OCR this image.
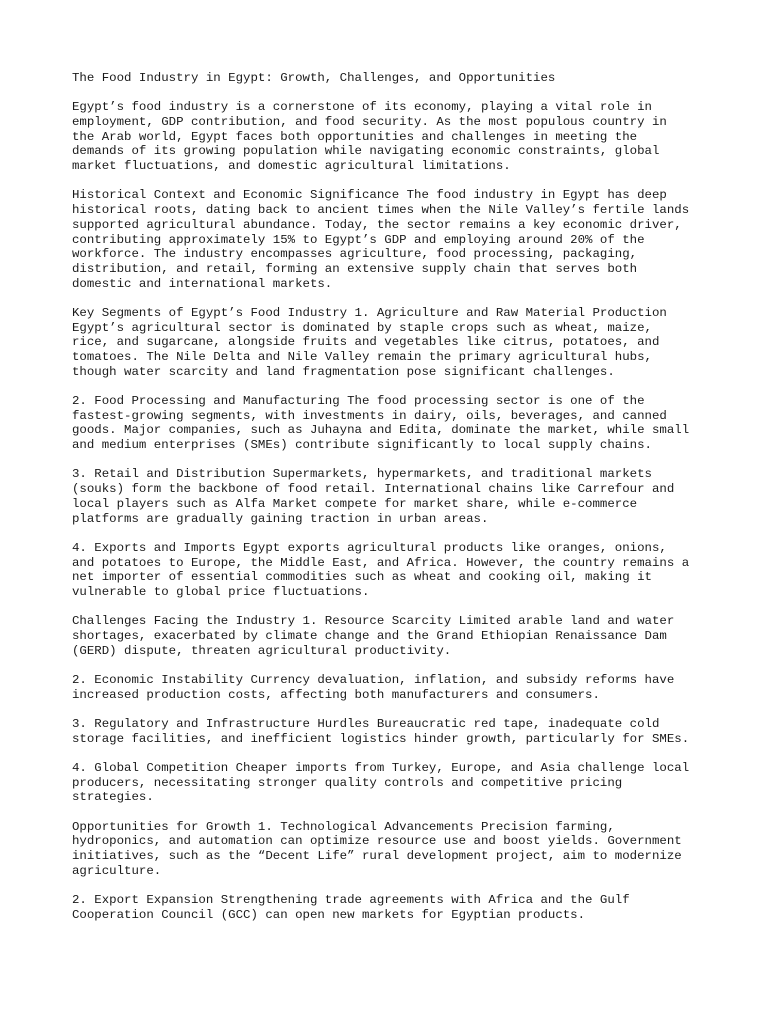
The Food Industry in Egypt: Growth, Challenges, and Opportunities

Egypt’s food industry is a cornerstone of its economy, playing a vital role in
employment, GDP contribution, and food security. As the most populous country in
the Arab world, Egypt faces both opportunities and challenges in meeting the
demands of its growing population while navigating economic constraints, global
market fluctuations, and domestic agricultural limitations.

Historical Context and Economic Significance The food industry in Egypt has deep
historical roots, dating back to ancient times when the Nile Valley’s fertile lands
supported agricultural abundance. Today, the sector remains a key economic driver,
contributing approximately 15% to Egypt’s GDP and employing around 20% of the
workforce. The industry encompasses agriculture, food processing, packaging,
distribution, and retail, forming an extensive supply chain that serves both
domestic and international markets.

Key Segments of Egypt’s Food Industry 1. Agriculture and Raw Material Production
Egypt’s agricultural sector is dominated by staple crops such as wheat, maize,
rice, and sugarcane, alongside fruits and vegetables like citrus, potatoes, and
tomatoes. The Nile Delta and Nile Valley remain the primary agricultural hubs,
though water scarcity and land fragmentation pose significant challenges.

2. Food Processing and Manufacturing The food processing sector is one of the
fastest-growing segments, with investments in dairy, oils, beverages, and canned
goods. Major companies, such as Juhayna and Edita, dominate the market, while small
and medium enterprises (SMEs) contribute significantly to local supply chains.

3. Retail and Distribution Supermarkets, hypermarkets, and traditional markets
(souks) form the backbone of food retail. International chains like Carrefour and
local players such as Alfa Market compete for market share, while e-commerce
platforms are gradually gaining traction in urban areas.

4. Exports and Imports Egypt exports agricultural products like oranges, onions,
and potatoes to Europe, the Middle East, and Africa. However, the country remains a
net importer of essential commodities such as wheat and cooking oil, making it
vulnerable to global price fluctuations.

Challenges Facing the Industry 1. Resource Scarcity Limited arable land and water
shortages, exacerbated by climate change and the Grand Ethiopian Renaissance Dam
(GERD) dispute, threaten agricultural productivity.

2. Economic Instability Currency devaluation, inflation, and subsidy reforms have
increased production costs, affecting both manufacturers and consumers.

3. Regulatory and Infrastructure Hurdles Bureaucratic red tape, inadequate cold
storage facilities, and inefficient logistics hinder growth, particularly for SMEs.

4. Global Competition Cheaper imports from Turkey, Europe, and Asia challenge local
producers, necessitating stronger quality controls and competitive pricing
strategies.

Opportunities for Growth 1. Technological Advancements Precision farming,
hydroponics, and automation can optimize resource use and boost yields. Government
initiatives, such as the “Decent Life” rural development project, aim to modernize
agriculture.

2. Export Expansion Strengthening trade agreements with Africa and the Gulf
Cooperation Council (GCC) can open new markets for Egyptian products.
